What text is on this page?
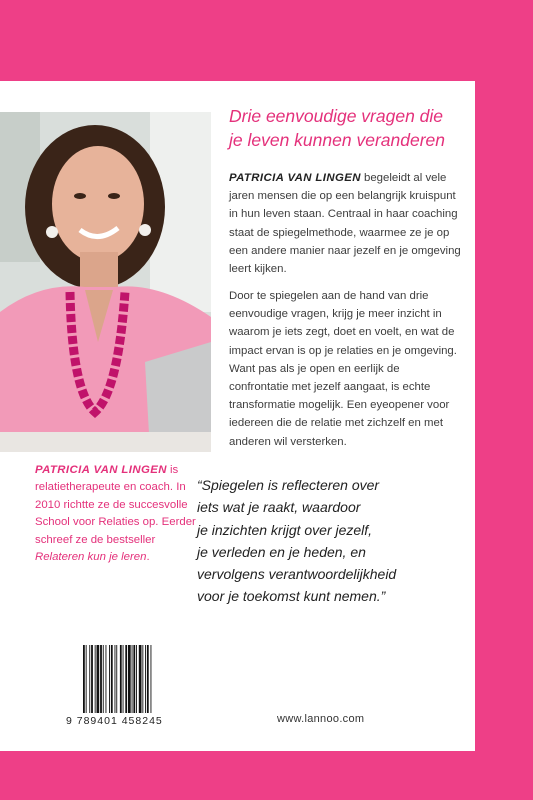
Drie eenvoudige vragen die
je leven kunnen veranderen

PATRICIA VAN LINGEN begeleidt al vele jaren mensen die op een belangrijk kruispunt in hun leven staan. Centraal in haar coaching staat de spiegelmethode, waarmee ze je op een andere manier naar jezelf en je omgeving leert kijken.

Door te spiegelen aan de hand van drie eenvoudige vragen, krijg je meer inzicht in waarom je iets zegt, doet en voelt, en wat de impact ervan is op je relaties en je omgeving. Want pas als je open en eerlijk de confrontatie met jezelf aangaat, is echte transformatie mogelijk. Een eyeopener voor iedereen die de relatie met zichzelf en met anderen wil versterken.

PATRICIA VAN LINGEN is relatietherapeute en coach. In 2010 richtte ze de succesvolle School voor Relaties op. Eerder schreef ze de bestseller Relateren kun je leren.

“Spiegelen is reflecteren over
iets wat je raakt, waardoor
je inzichten krijgt over jezelf,
je verleden en je heden, en
vervolgens verantwoordelijkheid
voor je toekomst kunt nemen.”

9 789401 458245	www.lannoo.com
